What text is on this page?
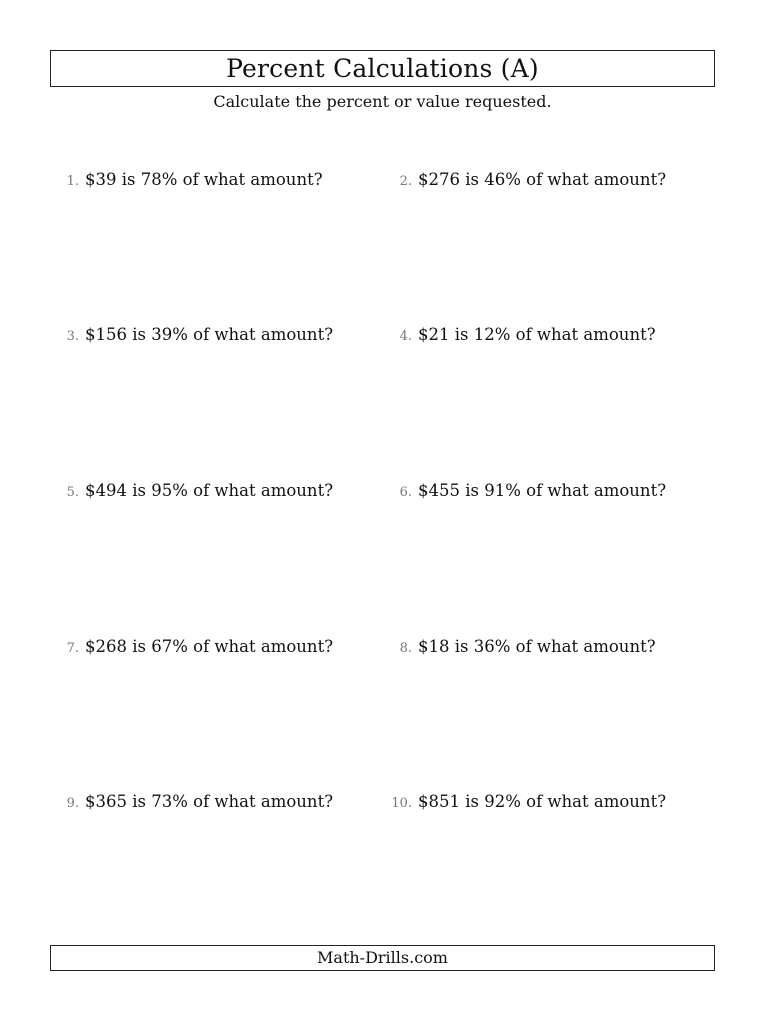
Percent Calculations (A)
Calculate the percent or value requested.
1. $39 is 78% of what amount?	2. $276 is 46% of what amount?
3. $156 is 39% of what amount?	4. $21 is 12% of what amount?
5. $494 is 95% of what amount?	6. $455 is 91% of what amount?
7. $268 is 67% of what amount?	8. $18 is 36% of what amount?
9. $365 is 73% of what amount?	10. $851 is 92% of what amount?
Math-Drills.com
